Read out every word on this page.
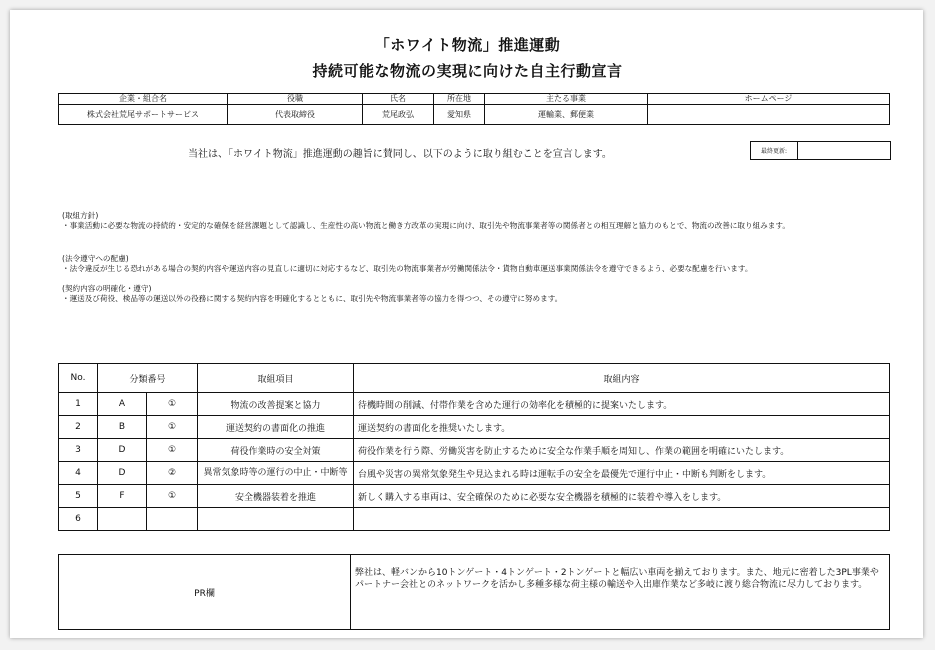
「ホワイト物流」推進運動
持続可能な物流の実現に向けた自主行動宣言
企業・組合名	役職	氏名	所在地	主たる事業	ホームページ
株式会社荒尾サポートサービス	代表取締役	荒尾政弘	愛知県	運輸業、郵便業	
当社は、「ホワイト物流」推進運動の趣旨に賛同し、以下のように取り組むことを宣言します。	最終更新:
(取組方針)
・事業活動に必要な物流の持続的・安定的な確保を経営課題として認識し、生産性の高い物流と働き方改革の実現に向け、取引先や物流事業者等の関係者との相互理解と協力のもとで、物流の改善に取り組みます。
(法令遵守への配慮)
・法令違反が生じる恐れがある場合の契約内容や運送内容の見直しに適切に対応するなど、取引先の物流事業者が労働関係法令・貨物自動車運送事業関係法令を遵守できるよう、必要な配慮を行います。
(契約内容の明確化・遵守)
・運送及び荷役、検品等の運送以外の役務に関する契約内容を明確化するとともに、取引先や物流事業者等の協力を得つつ、その遵守に努めます。
No.	分類番号		取組項目	取組内容
1	A	①	物流の改善提案と協力	待機時間の削減、付帯作業を含めた運行の効率化を積極的に提案いたします。
2	B	①	運送契約の書面化の推進	運送契約の書面化を推奨いたします。
3	D	①	荷役作業時の安全対策	荷役作業を行う際、労働災害を防止するために安全な作業手順を周知し、作業の範囲を明確にいたします。
4	D	②	異常気象時等の運行の中止・中断等	台風や災害の異常気象発生や見込まれる時は運転手の安全を最優先で運行中止・中断も判断をします。
5	F	①	安全機器装着を推進	新しく購入する車両は、安全確保のために必要な安全機器を積極的に装着や導入をします。
6				
PR欄	弊社は、軽バンから10トンゲート・4トンゲート・2トンゲートと幅広い車両を揃えております。また、地元に密着した3PL事業やパートナー会社とのネットワークを活かし多種多様な荷主様の輸送や入出庫作業など多岐に渡り総合物流に尽力しております。
